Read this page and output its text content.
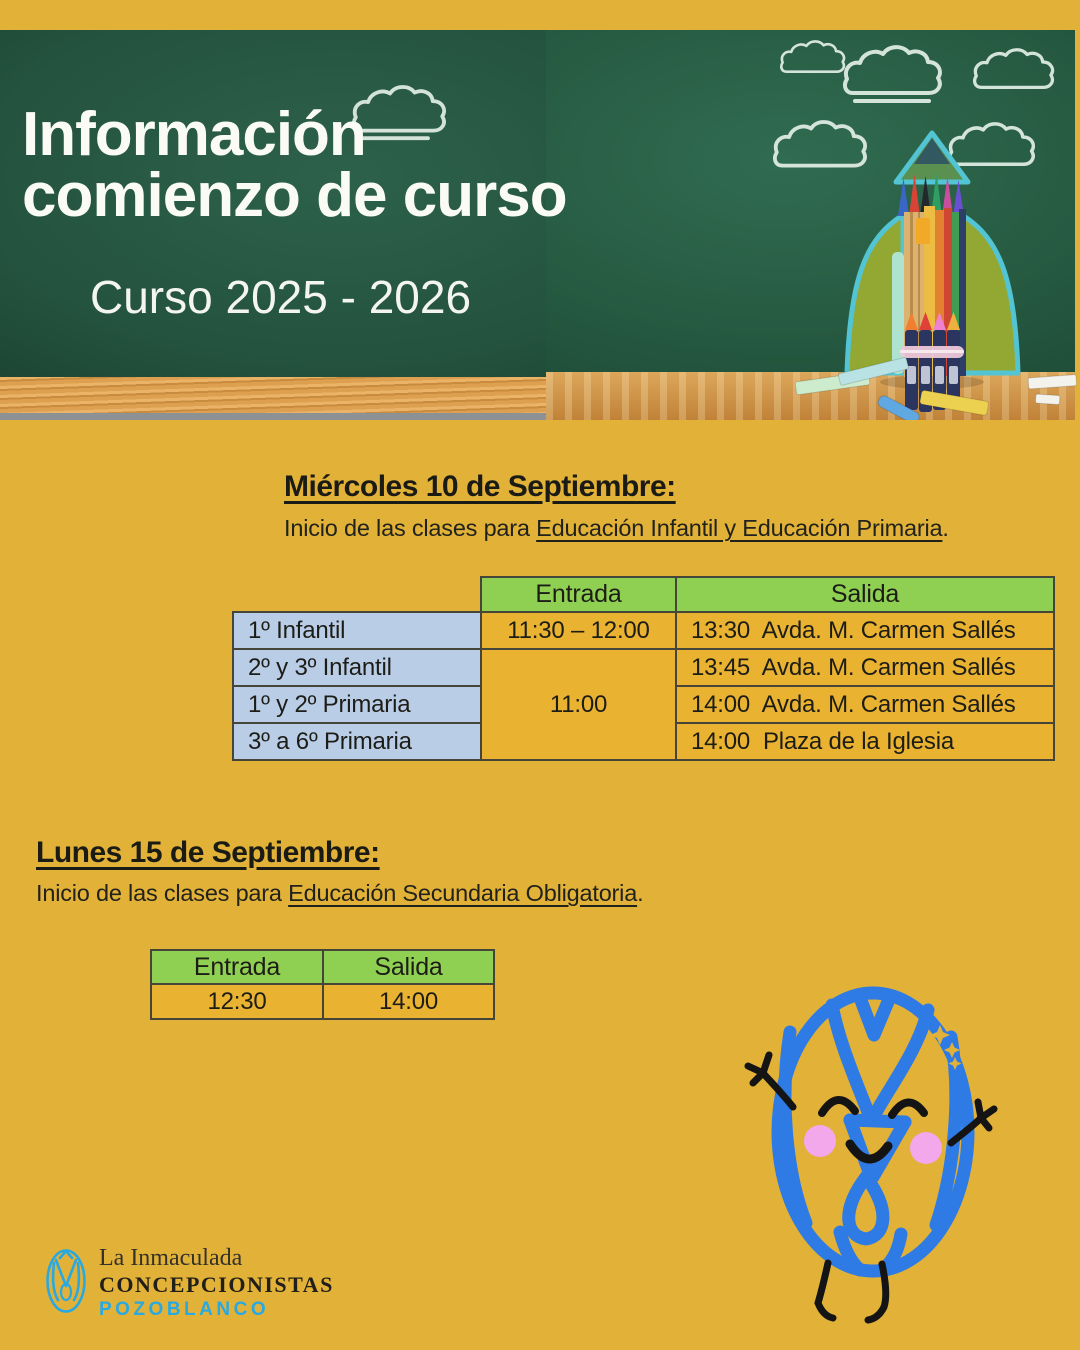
Información
comienzo de curso
Curso 2025 - 2026
Miércoles 10 de Septiembre:
Inicio de las clases para Educación Infantil y Educación Primaria.
	Entrada	Salida
1º Infantil	11:30 – 12:00	13:30  Avda. M. Carmen Sallés
2º y 3º Infantil	11:00	13:45  Avda. M. Carmen Sallés
1º y 2º Primaria		14:00  Avda. M. Carmen Sallés
3º a 6º Primaria		14:00  Plaza de la Iglesia
Lunes 15 de Septiembre:
Inicio de las clases para Educación Secundaria Obligatoria.
Entrada	Salida
12:30	14:00
La Inmaculada
CONCEPCIONISTAS
POZOBLANCO
